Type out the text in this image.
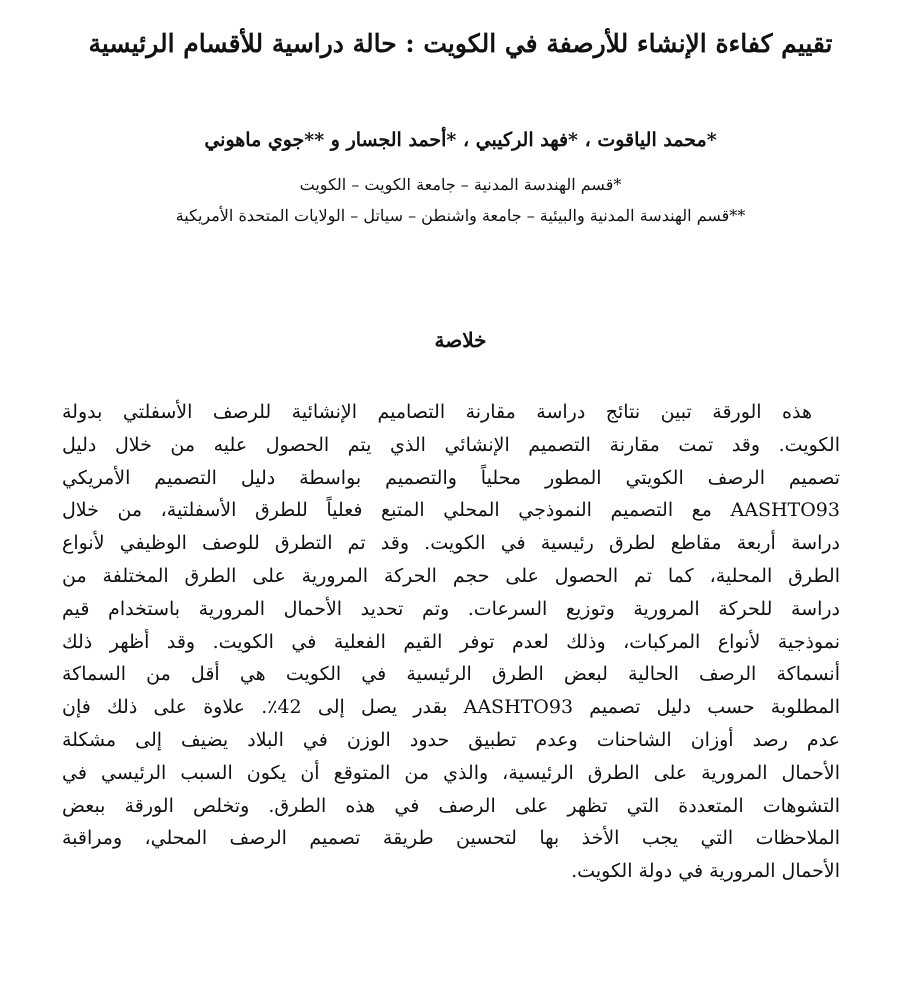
تقييم كفاءة الإنشاء للأرصفة في الكويت : حالة دراسية للأقسام الرئيسية
*محمد الياقوت ، *فهد الركيبي ، *أحمد الجسار و **جوي ماهوني
*قسم الهندسة المدنية – جامعة الكويت – الكويت
**قسم الهندسة المدنية والبيئية – جامعة واشنطن – سياتل – الولايات المتحدة الأمريكية
خلاصة
هذه الورقة تبين نتائج دراسة مقارنة التصاميم الإنشائية للرصف الأسفلتي بدولة
الكويت. وقد تمت مقارنة التصميم الإنشائي الذي يتم الحصول عليه من خلال دليل
تصميم الرصف الكويتي المطور محلياً والتصميم بواسطة دليل التصميم الأمريكي
AASHTO93 مع التصميم النموذجي المحلي المتبع فعلياً للطرق الأسفلتية، من خلال
دراسة أربعة مقاطع لطرق رئيسية في الكويت. وقد تم التطرق للوصف الوظيفي لأنواع
الطرق المحلية، كما تم الحصول على حجم الحركة المرورية على الطرق المختلفة من
دراسة للحركة المرورية وتوزيع السرعات. وتم تحديد الأحمال المرورية باستخدام قيم
نموذجية لأنواع المركبات، وذلك لعدم توفر القيم الفعلية في الكويت. وقد أظهر ذلك
أنسماكة الرصف الحالية لبعض الطرق الرئيسية في الكويت هي أقل من السماكة
المطلوبة حسب دليل تصميم AASHTO93 بقدر يصل إلى 42٪. علاوة على ذلك فإن
عدم رصد أوزان الشاحنات وعدم تطبيق حدود الوزن في البلاد يضيف إلى مشكلة
الأحمال المرورية على الطرق الرئيسية، والذي من المتوقع أن يكون السبب الرئيسي في
التشوهات المتعددة التي تظهر على الرصف في هذه الطرق. وتخلص الورقة ببعض
الملاحظات التي يجب الأخذ بها لتحسين طريقة تصميم الرصف المحلي، ومراقبة
الأحمال المرورية في دولة الكويت.
